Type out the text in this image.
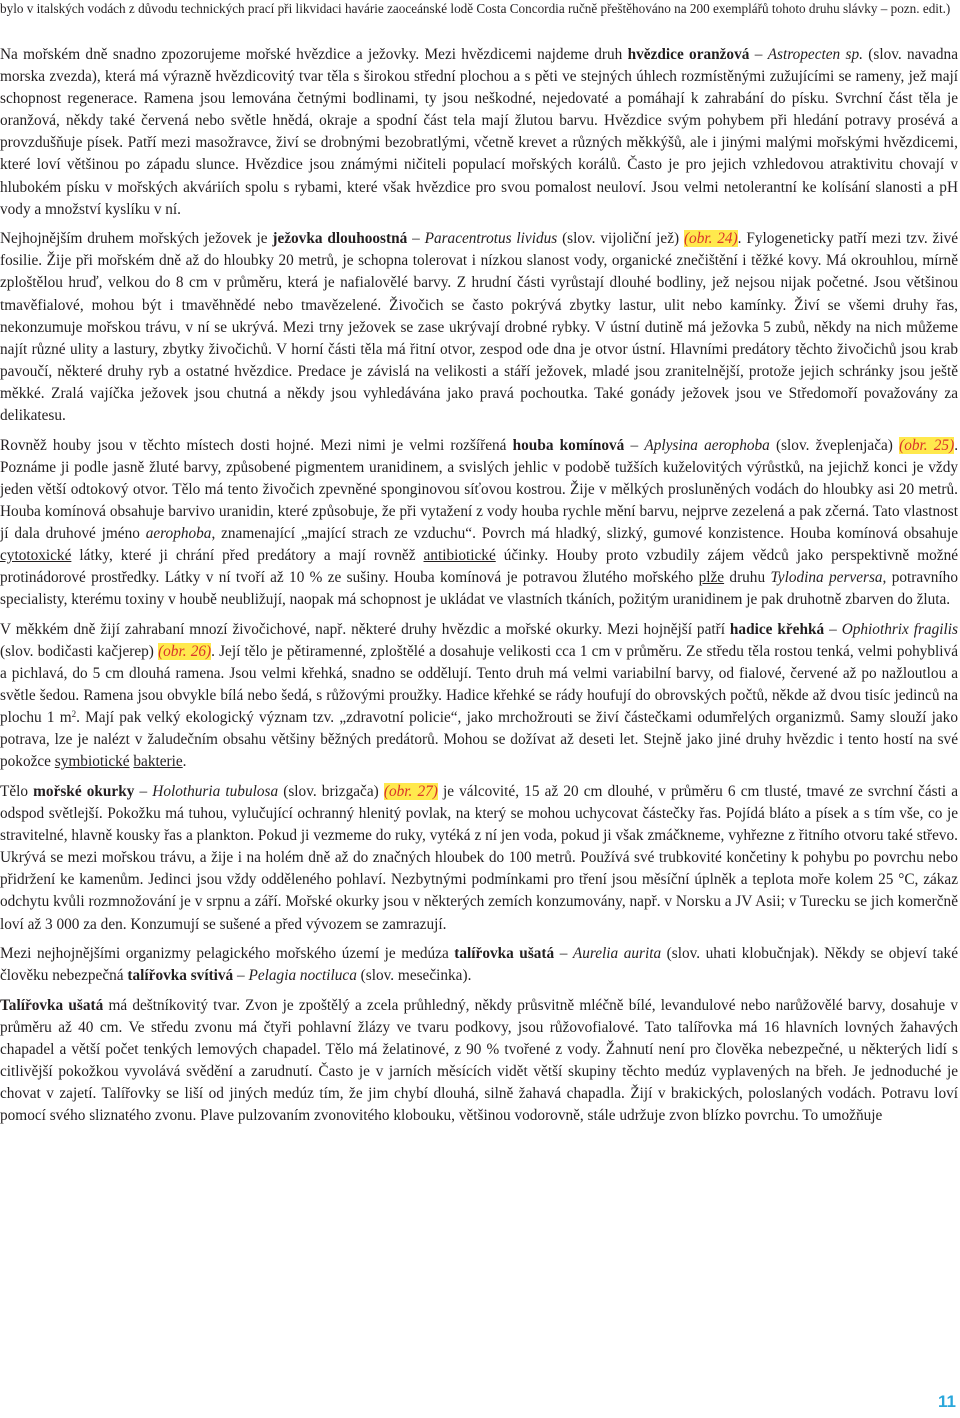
bylo v italských vodách z důvodu technických prací při likvidaci havárie zaoceánské lodě Costa Concordia ručně přeštěhováno na 200 exemplářů tohoto druhu slávky – pozn. edit.)

Na mořském dně snadno zpozorujeme mořské hvězdice a ježovky. Mezi hvězdicemi najdeme druh hvězdice oranžová – Astropecten sp. (slov. navadna morska zvezda), která má výrazně hvězdicovitý tvar těla s širokou střední plochou a s pěti ve stejných úhlech rozmístěnými zužujícími se rameny, jež mají schopnost regenerace. Ramena jsou lemována četnými bodlinami, ty jsou neškodné, nejedovaté a pomáhají k zahrabání do písku. Svrchní část těla je oranžová, někdy také červená nebo světle hnědá, okraje a spodní část tela mají žlutou barvu. Hvězdice svým pohybem při hledání potravy prosévá a provzdušňuje písek. Patří mezi masožravce, živí se drobnými bezobratlými, včetně krevet a různých měkkýšů, ale i jinými malými mořskými hvězdicemi, které loví většinou po západu slunce. Hvězdice jsou známými ničiteli populací mořských korálů. Často je pro jejich vzhledovou atraktivitu chovají v hlubokém písku v mořských akváriích spolu s rybami, které však hvězdice pro svou pomalost neuloví. Jsou velmi netolerantní ke kolísání slanosti a pH vody a množství kyslíku v ní.

Nejhojnějším druhem mořských ježovek je ježovka dlouhoostná – Paracentrotus lividus (slov. vijoliční jež) (obr. 24). Fylogeneticky patří mezi tzv. živé fosilie. Žije při mořském dně až do hloubky 20 metrů, je schopna tolerovat i nízkou slanost vody, organické znečištění i těžké kovy. Má okrouhlou, mírně zploštělou hruď, velkou do 8 cm v průměru, která je nafialovělé barvy. Z hrudní části vyrůstají dlouhé bodliny, jež nejsou nijak početné. Jsou většinou tmavěfialové, mohou být i tmavěhnědé nebo tmavězelené. Živočich se často pokrývá zbytky lastur, ulit nebo kamínky. Živí se všemi druhy řas, nekonzumuje mořskou trávu, v ní se ukrývá. Mezi trny ježovek se zase ukrývají drobné rybky. V ústní dutině má ježovka 5 zubů, někdy na nich můžeme najít různé ulity a lastury, zbytky živočichů. V horní části těla má řitní otvor, zespod ode dna je otvor ústní. Hlavními predátory těchto živočichů jsou krab pavoučí, některé druhy ryb a ostatné hvězdice. Predace je závislá na velikosti a stáří ježovek, mladé jsou zranitelnější, protože jejich schránky jsou ještě měkké. Zralá vajíčka ježovek jsou chutná a někdy jsou vyhledávána jako pravá pochoutka. Také gonády ježovek jsou ve Středomoří považovány za delikatesu.

Rovněž houby jsou v těchto místech dosti hojné. Mezi nimi je velmi rozšířená houba komínová – Aplysina aerophoba (slov. žveplenjača) (obr. 25). Poznáme ji podle jasně žluté barvy, způsobené pigmentem uranidinem, a svislých jehlic v podobě tužších kuželovitých výrůstků, na jejichž konci je vždy jeden větší odtokový otvor. Tělo má tento živočich zpevněné sponginovou síťovou kostrou. Žije v mělkých prosluněných vodách do hloubky asi 20 metrů. Houba komínová obsahuje barvivo uranidin, které způsobuje, že při vytažení z vody houba rychle mění barvu, nejprve zezelená a pak zčerná. Tato vlastnost jí dala druhové jméno aerophoba, znamenající „mající strach ze vzduchu“. Povrch má hladký, slizký, gumové konzistence. Houba komínová obsahuje cytotoxické látky, které ji chrání před predátory a mají rovněž antibiotické účinky. Houby proto vzbudily zájem vědců jako perspektivně možné protinádorové prostředky. Látky v ní tvoří až 10 % ze sušiny. Houba komínová je potravou žlutého mořského plže druhu Tylodina perversa, potravního specialisty, kterému toxiny v houbě neubližují, naopak má schopnost je ukládat ve vlastních tkáních, požitým uranidinem je pak druhotně zbarven do žluta.

V měkkém dně žijí zahrabaní mnozí živočichové, např. některé druhy hvězdic a mořské okurky. Mezi hojnější patří hadice křehká – Ophiothrix fragilis (slov. bodičasti kačjerep) (obr. 26). Její tělo je pětiramenné, zploštělé a dosahuje velikosti cca 1 cm v průměru. Ze středu těla rostou tenká, velmi pohyblivá a pichlavá, do 5 cm dlouhá ramena. Jsou velmi křehká, snadno se oddělují. Tento druh má velmi variabilní barvy, od fialové, červené až po nažloutlou a světle šedou. Ramena jsou obvykle bílá nebo šedá, s růžovými proužky. Hadice křehké se rády houfují do obrovských počtů, někde až dvou tisíc jedinců na plochu 1 $m^2$. Mají pak velký ekologický význam tzv. „zdravotní policie“, jako mrchožrouti se živí částečkami odumřelých organizmů. Samy slouží jako potrava, lze je nalézt v žaludečním obsahu většiny běžných predátorů. Mohou se dožívat až deseti let. Stejně jako jiné druhy hvězdic i tento hostí na své pokožce symbiotické bakterie.

Tělo mořské okurky – Holothuria tubulosa (slov. brizgača) (obr. 27) je válcovité, 15 až 20 cm dlouhé, v průměru 6 cm tlusté, tmavé ze svrchní části a odspod světlejší. Pokožku má tuhou, vylučující ochranný hlenitý povlak, na který se mohou uchycovat částečky řas. Pojídá bláto a písek a s tím vše, co je stravitelné, hlavně kousky řas a plankton. Pokud ji vezmeme do ruky, vytéká z ní jen voda, pokud ji však zmáčkneme, vyhřezne z řitního otvoru také střevo. Ukrývá se mezi mořskou trávu, a žije i na holém dně až do značných hloubek do 100 metrů. Používá své trubkovité končetiny k pohybu po povrchu nebo přidržení ke kamenům. Jedinci jsou vždy odděleného pohlaví. Nezbytnými podmínkami pro tření jsou měsíční úplněk a teplota moře kolem 25 °C, zákaz odchytu kvůli rozmnožování je v srpnu a září. Mořské okurky jsou v některých zemích konzumovány, např. v Norsku a JV Asii; v Turecku se jich komerčně loví až 3 000 za den. Konzumují se sušené a před vývozem se zamrazují.

Mezi nejhojnějšími organizmy pelagického mořského území je medúza talířovka ušatá – Aurelia aurita (slov. uhati klobučnjak). Někdy se objeví také člověku nebezpečná talířovka svítivá – Pelagia noctiluca (slov. mesečinka).

Talířovka ušatá má deštníkovitý tvar. Zvon je zpoštělý a zcela průhledný, někdy průsvitně mléčně bílé, levandulové nebo narůžovělé barvy, dosahuje v průměru až 40 cm. Ve středu zvonu má čtyři pohlavní žlázy ve tvaru podkovy, jsou růžovofialové. Tato talířovka má 16 hlavních lovných žahavých chapadel a větší počet tenkých lemových chapadel. Tělo má želatinové, z 90 % tvořené z vody. Žahnutí není pro člověka nebezpečné, u některých lidí s citlivější pokožkou vyvolává svědění a zarudnutí. Často je v jarních měsících vidět větší skupiny těchto medúz vyplavených na břeh. Je jednoduché je chovat v zajetí. Talířovky se liší od jiných medúz tím, že jim chybí dlouhá, silně žahavá chapadla. Žijí v brakických, poloslaných vodách. Potravu loví pomocí svého sliznatého zvonu. Plave pulzovaním zvonovitého klobouku, většinou vodorovně, stále udržuje zvon blízko povrchu. To umožňuje

11
